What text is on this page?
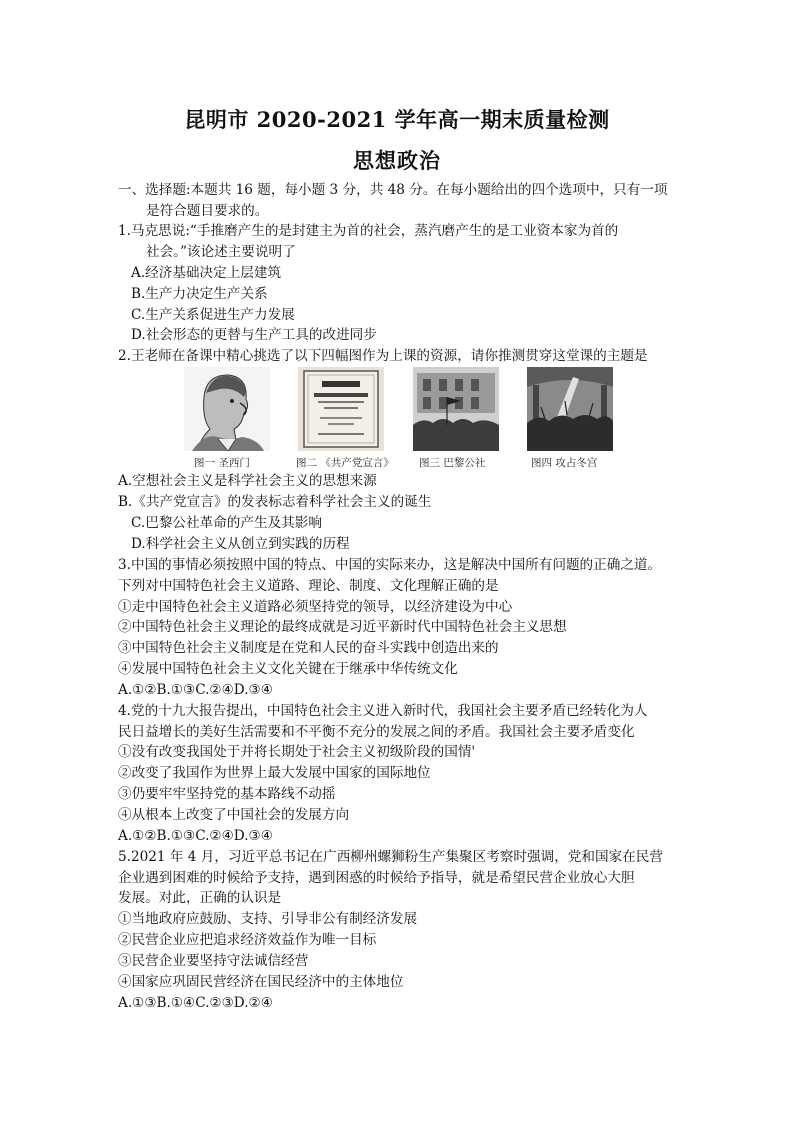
昆明市 2020-2021 学年高一期末质量检测
思想政治
一、选择题:本题共 16 题，每小题 3 分，共 48 分。在每小题给出的四个选项中，只有一项
是符合题目要求的。
1.马克思说:“手推磨产生的是封建主为首的社会，蒸汽磨产生的是工业资本家为首的
社会。”该论述主要说明了
A.经济基础决定上层建筑
B.生产力决定生产关系
C.生产关系促进生产力发展
D.社会形态的更替与生产工具的改进同步
2.王老师在备课中精心挑选了以下四幅图作为上课的资源，请你推测贯穿这堂课的主题是
图一 圣西门	图二 《共产党宣言》 图三 巴黎公社	图四 攻占冬宫
A.空想社会主义是科学社会主义的思想来源
B.《共产党宣言》的发表标志着科学社会主义的诞生
C.巴黎公社革命的产生及其影响
D.科学社会主义从创立到实践的历程
3.中国的事情必须按照中国的特点、中国的实际来办，这是解决中国所有问题的正确之道。
下列对中国特色社会主义道路、理论、制度、文化理解正确的是
①走中国特色社会主义道路必须坚持党的领导，以经济建设为中心
②中国特色社会主义理论的最终成就是习近平新时代中国特色社会主义思想
③中国特色社会主义制度是在党和人民的奋斗实践中创造出来的
④发展中国特色社会主义文化关键在于继承中华传统文化
A.①②B.①③C.②④D.③④
4.党的十九大报告提出，中国特色社会主义进入新时代，我国社会主要矛盾已经转化为人
民日益增长的美好生活需要和不平衡不充分的发展之间的矛盾。我国社会主要矛盾变化
①没有改变我国处于并将长期处于社会主义初级阶段的国情'
②改变了我国作为世界上最大发展中国家的国际地位
③仍要牢牢坚持党的基本路线不动摇
④从根本上改变了中国社会的发展方向
A.①②B.①③C.②④D.③④
5.2021 年 4 月，习近平总书记在广西柳州螺狮粉生产集聚区考察时强调，党和国家在民营
企业遇到困难的时候给予支持，遇到困惑的时候给予指导，就是希望民营企业放心大胆
发展。对此，正确的认识是
①当地政府应鼓励、支持、引导非公有制经济发展
②民营企业应把追求经济效益作为唯一目标
③民营企业要坚持守法诚信经营
④国家应巩固民营经济在国民经济中的主体地位
A.①③B.①④C.②③D.②④
